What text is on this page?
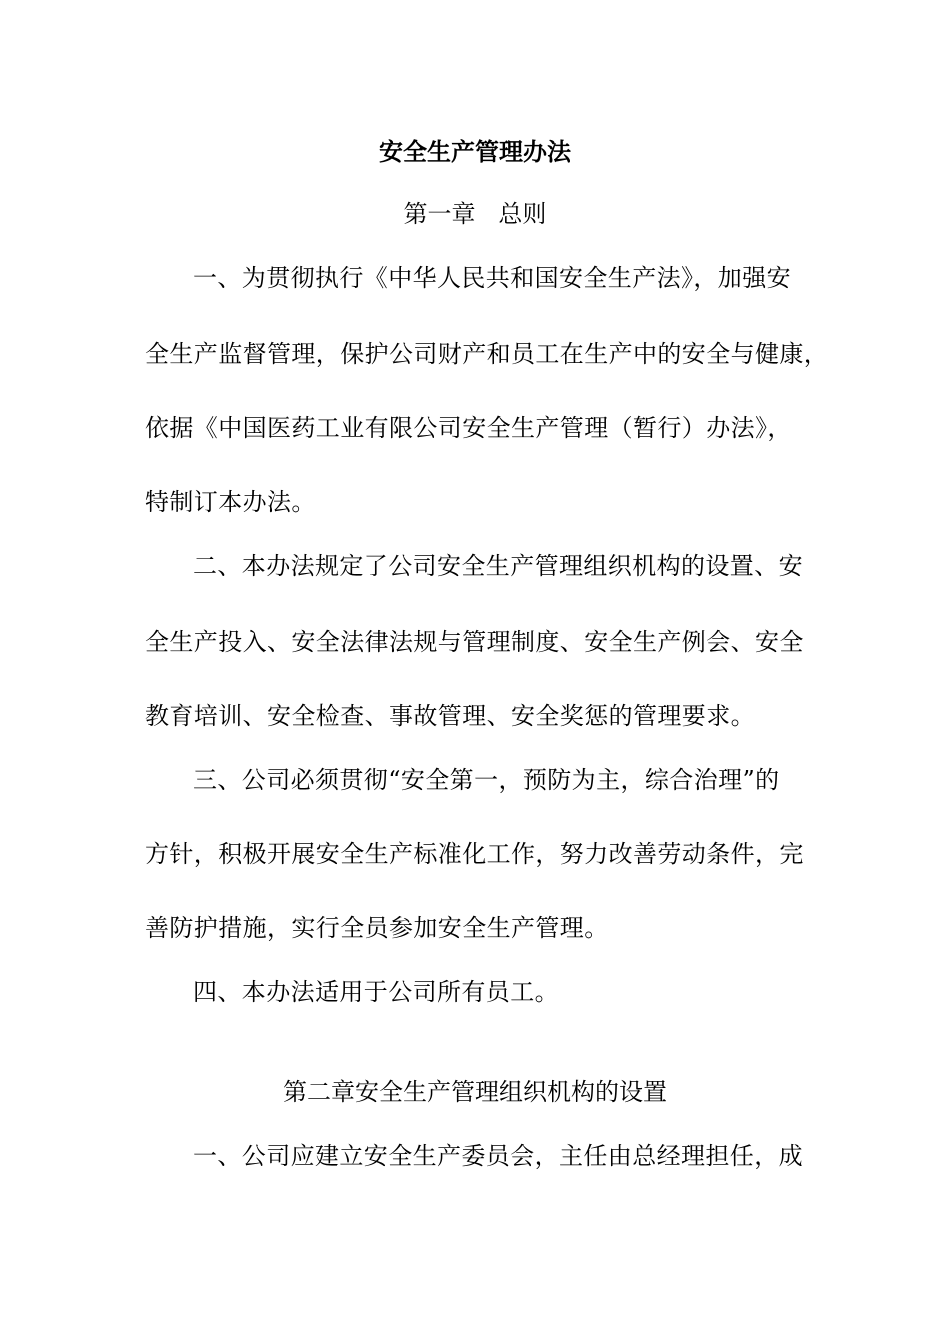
安全生产管理办法
第一章   总则
一、为贯彻执行《中华人民共和国安全生产法》，加强安
全生产监督管理，保护公司财产和员工在生产中的安全与健康，
依据《中国医药工业有限公司安全生产管理（暂行）办法》，
特制订本办法。
二、本办法规定了公司安全生产管理组织机构的设置、安
全生产投入、安全法律法规与管理制度、安全生产例会、安全
教育培训、安全检查、事故管理、安全奖惩的管理要求。
三、公司必须贯彻“安全第一，预防为主，综合治理”的
方针，积极开展安全生产标准化工作，努力改善劳动条件，完
善防护措施，实行全员参加安全生产管理。
四、本办法适用于公司所有员工。
第二章安全生产管理组织机构的设置
一、公司应建立安全生产委员会，主任由总经理担任，成
